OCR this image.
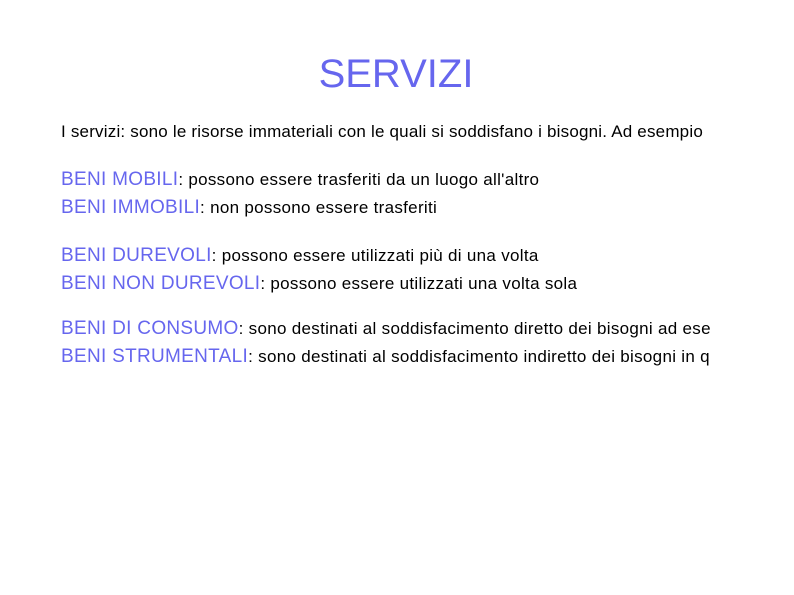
SERVIZI
I servizi: sono le risorse immateriali con le quali si soddisfano i bisogni. Ad esempio
BENI MOBILI: possono essere trasferiti da un luogo all'altro
BENI IMMOBILI: non possono essere trasferiti
BENI DUREVOLI: possono essere utilizzati più di una volta
BENI NON DUREVOLI: possono essere utilizzati una volta sola
BENI DI CONSUMO: sono destinati al soddisfacimento diretto dei bisogni ad ese
BENI STRUMENTALI: sono destinati al soddisfacimento indiretto dei bisogni in q
